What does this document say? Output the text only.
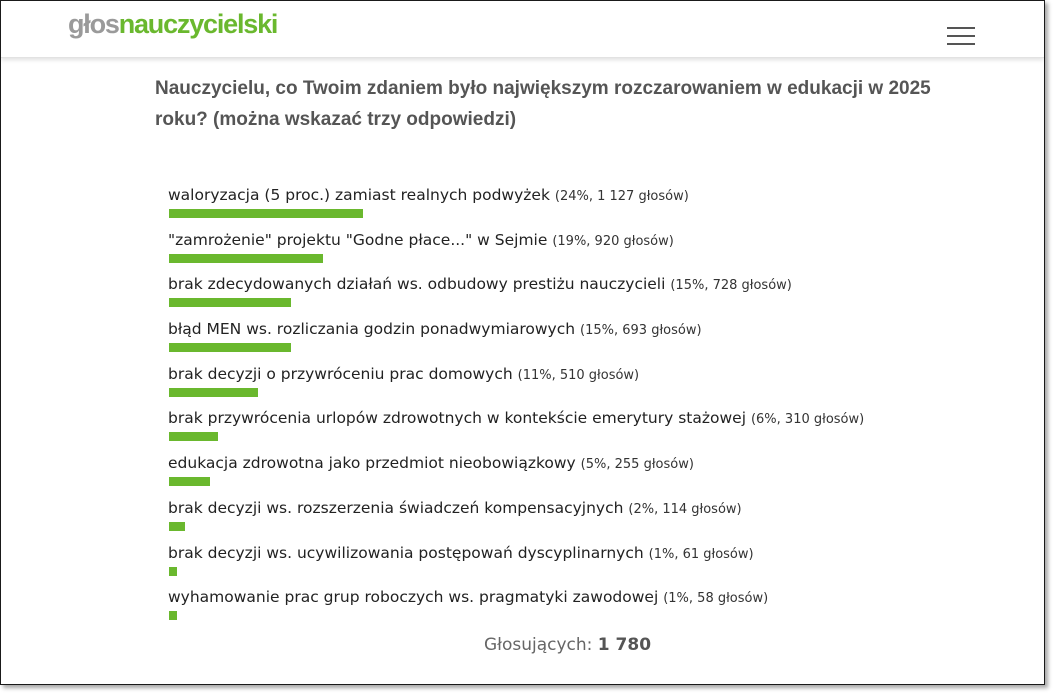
głosnauczycielski
Nauczycielu, co Twoim zdaniem było największym rozczarowaniem w edukacji w 2025 roku? (można wskazać trzy odpowiedzi)
waloryzacja (5 proc.) zamiast realnych podwyżek (24%, 1 127 głosów)
"zamrożenie" projektu "Godne płace..." w Sejmie (19%, 920 głosów)
brak zdecydowanych działań ws. odbudowy prestiżu nauczycieli (15%, 728 głosów)
błąd MEN ws. rozliczania godzin ponadwymiarowych (15%, 693 głosów)
brak decyzji o przywróceniu prac domowych (11%, 510 głosów)
brak przywrócenia urlopów zdrowotnych w kontekście emerytury stażowej (6%, 310 głosów)
edukacja zdrowotna jako przedmiot nieobowiązkowy (5%, 255 głosów)
brak decyzji ws. rozszerzenia świadczeń kompensacyjnych (2%, 114 głosów)
brak decyzji ws. ucywilizowania postępowań dyscyplinarnych (1%, 61 głosów)
wyhamowanie prac grup roboczych ws. pragmatyki zawodowej (1%, 58 głosów)
Głosujących: 1 780
